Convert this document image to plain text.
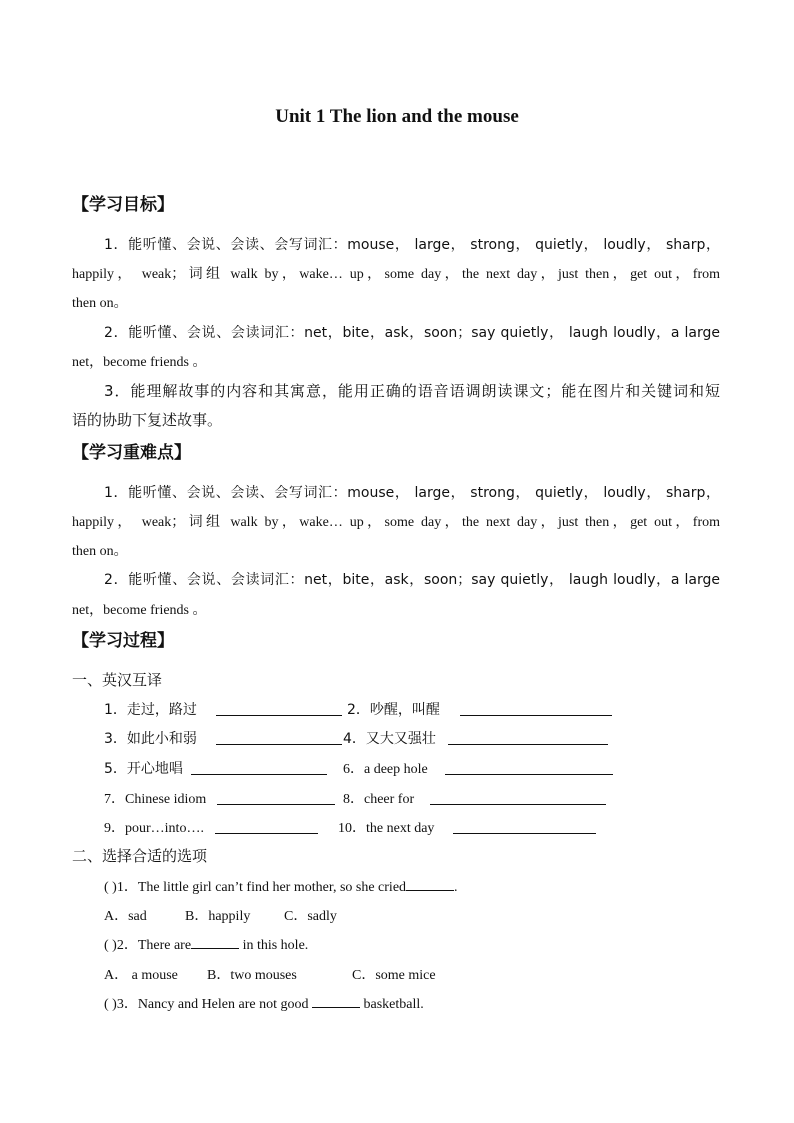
Unit 1 The lion and the mouse
【学习目标】
1．能听懂、会说、会读、会写词汇：mouse， large， strong， quietly， loudly， sharp，
happily， weak；词组 walk by，wake… up，some day，the next day，just then，get out，from
then on。
2．能听懂、会说、会读词汇：net，bite，ask，soon；say quietly， laugh loudly，a large
net，become friends 。
3．能理解故事的内容和其寓意，能用正确的语音语调朗读课文；能在图片和关键词和短
语的协助下复述故事。
【学习重难点】
1．能听懂、会说、会读、会写词汇：mouse， large， strong， quietly， loudly， sharp，
happily， weak；词组 walk by，wake… up，some day，the next day，just then，get out，from
then on。
2．能听懂、会说、会读词汇：net，bite，ask，soon；say quietly， laugh loudly，a large
net，become friends 。
【学习过程】
一、英汉互译
1．走过，路过	2．吵醒，叫醒
3．如此小和弱	4．又大又强壮
5．开心地唱	6．a deep hole
7．Chinese idiom	8．cheer for
9．pour…into….	10．the next day
二、选择合适的选项
( )1．The little girl can’t find her mother, so she cried	.
A．sad	B．happily C．sadly
( )2．There are	in this hole.
A． a mouse B．two mouses	C．some mice
( )3．Nancy and Helen are not good	basketball.
